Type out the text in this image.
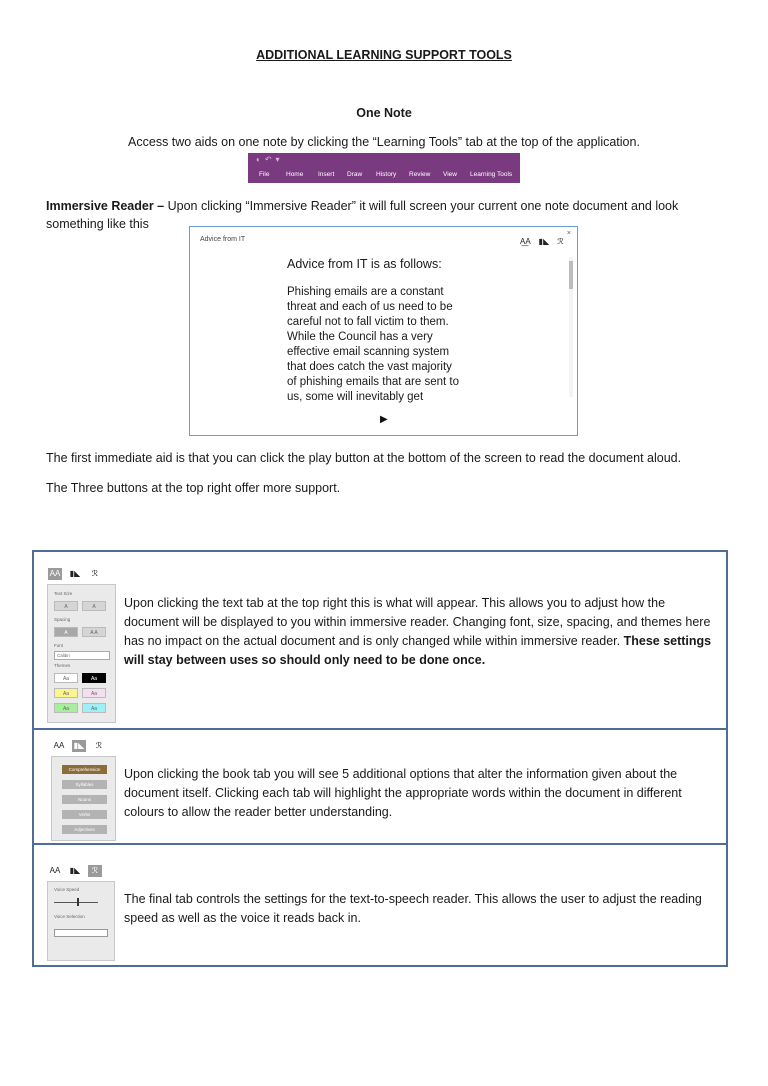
ADDITIONAL LEARNING SUPPORT TOOLS
One Note
Access two aids on one note by clicking the “Learning Tools” tab at the top of the application.
◐↶▾
File	Home Insert Draw History Review View Learning Tools
Immersive Reader – Upon clicking “Immersive Reader” it will full screen your current one note document and look something like this
Advice from IT	A͟A ▮◣ ℛ
×
Advice from IT is as follows:
Phishing emails are a constant
threat and each of us need to be
careful not to fall victim to them.
While the Council has a very
effective email scanning system
that does catch the vast majority
of phishing emails that are sent to
us, some will inevitably get
▶
The first immediate aid is that you can click the play button at the bottom of the screen to read the document aloud.
The Three buttons at the top right offer more support.
AA ▮◣ ℛ
Text Size
A	A
Spacing
A	A A
Font
Calibri
Themes
Aa	Aa
Aa	Aa
Aa	Aa
Upon clicking the text tab at the top right this is what will appear. This allows you to adjust how the document will be displayed to you within immersive reader. Changing font, size, spacing, and themes here has no impact on the actual document and is only changed while within immersive reader. These settings will stay between uses so should only need to be done once.
AA ▮◣ ℛ
Comprehension
Syllables
Nouns
Verbs
Adjectives
Upon clicking the book tab you will see 5 additional options that alter the information given about the document itself. Clicking each tab will highlight the appropriate words within the document in different colours to allow the reader better understanding.
AA ▮◣ ℛ
Voice Speed
Voice Selection
The final tab controls the settings for the text-to-speech reader. This allows the user to adjust the reading speed as well as the voice it reads back in.
